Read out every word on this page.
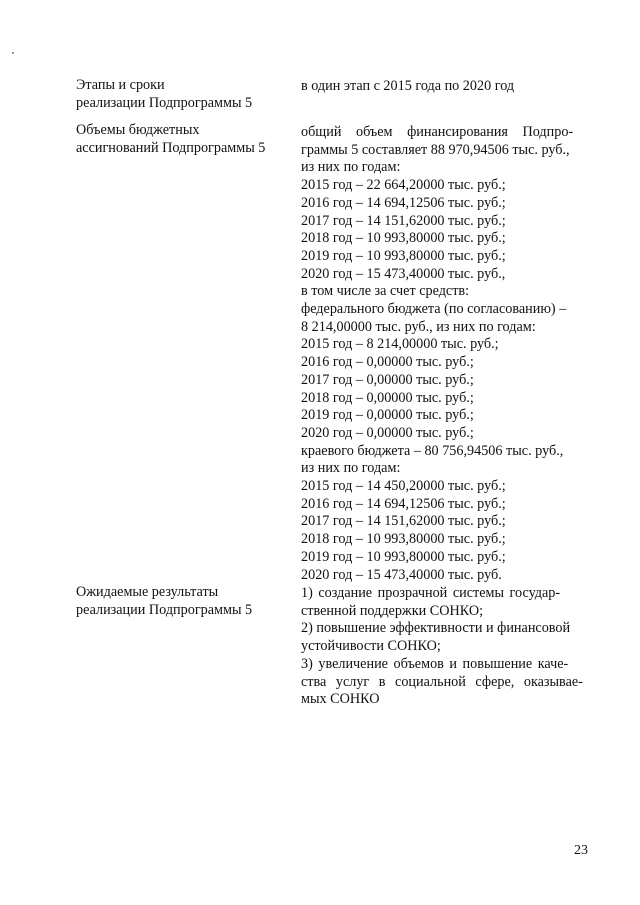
Этапы и сроки
реализации Подпрограммы 5
в один этап с 2015 года по 2020 год
Объемы бюджетных
ассигнований Подпрограммы 5
общий объем финансирования Подпро-
граммы 5 составляет 88 970,94506 тыс. руб.,
из них по годам:
2015 год – 22 664,20000 тыс. руб.;
2016 год – 14 694,12506 тыс. руб.;
2017 год – 14 151,62000 тыс. руб.;
2018 год – 10 993,80000 тыс. руб.;
2019 год – 10 993,80000 тыс. руб.;
2020 год – 15 473,40000 тыс. руб.,
в том числе за счет средств:
федерального бюджета (по согласованию) –
8 214,00000 тыс. руб., из них по годам:
2015 год – 8 214,00000 тыс. руб.;
2016 год – 0,00000 тыс. руб.;
2017 год – 0,00000 тыс. руб.;
2018 год – 0,00000 тыс. руб.;
2019 год – 0,00000 тыс. руб.;
2020 год – 0,00000 тыс. руб.;
краевого бюджета – 80 756,94506 тыс. руб.,
из них по годам:
2015 год – 14 450,20000 тыс. руб.;
2016 год – 14 694,12506 тыс. руб.;
2017 год – 14 151,62000 тыс. руб.;
2018 год – 10 993,80000 тыс. руб.;
2019 год – 10 993,80000 тыс. руб.;
2020 год – 15 473,40000 тыс. руб.
Ожидаемые результаты
реализации Подпрограммы 5
1) создание прозрачной системы государ-
ственной поддержки СОНКО;
2) повышение эффективности и финансовой
устойчивости СОНКО;
3) увеличение объемов и повышение каче-
ства услуг в социальной сфере, оказывае-
мых СОНКО
23
